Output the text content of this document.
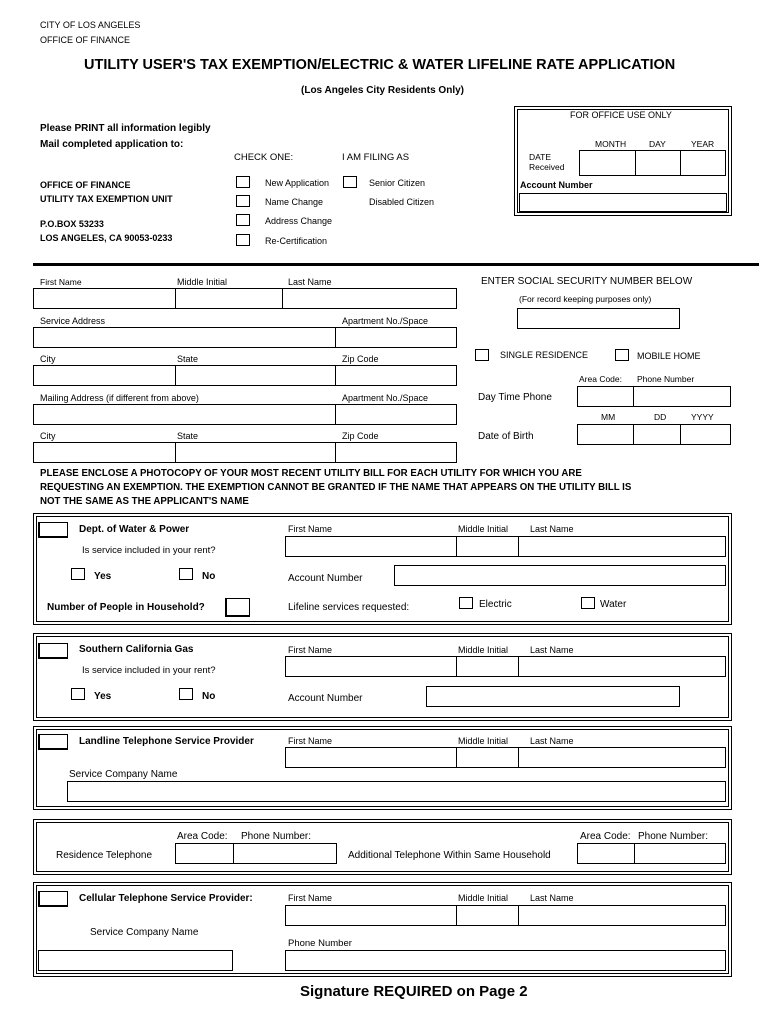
CITY OF LOS ANGELES
OFFICE OF FINANCE
UTILITY USER'S TAX EXEMPTION/ELECTRIC & WATER LIFELINE RATE APPLICATION
(Los Angeles City Residents Only)
Please PRINT all information legibly
Mail completed application to:
OFFICE OF FINANCE
UTILITY TAX EXEMPTION UNIT
P.O.BOX 53233
LOS ANGELES, CA 90053-0233
CHECK ONE:
New Application
Name Change
Address Change
Re-Certification
I AM FILING AS
Senior Citizen
Disabled Citizen
FOR OFFICE USE ONLY
MONTH	DAY	YEAR
DATE
Received
Account Number
First Name	Middle Initial	Last Name
Service Address	Apartment No./Space
City	State	Zip Code
Mailing Address (if different from above)	Apartment No./Space
City	State	Zip Code
ENTER SOCIAL SECURITY NUMBER BELOW
(For record keeping purposes only)
SINGLE RESIDENCE	MOBILE HOME
Area Code: Phone Number
Day Time Phone
MM	DD	YYYY
Date of Birth
PLEASE ENCLOSE A PHOTOCOPY OF YOUR MOST RECENT UTILITY BILL FOR EACH UTILITY FOR WHICH YOU ARE
REQUESTING AN EXEMPTION. THE EXEMPTION CANNOT BE GRANTED IF THE NAME THAT APPEARS ON THE UTILITY BILL IS
NOT THE SAME AS THE APPLICANT'S NAME
Dept. of Water & Power
Is service included in your rent?
Yes	No
Number of People in Household?
First Name	Middle Initial Last Name
Account Number
Lifeline services requested:	Electric	Water
Southern California Gas
Is service included in your rent?
Yes	No
First Name	Middle Initial Last Name
Account Number
Landline Telephone Service Provider	First Name	Middle Initial Last Name
Service Company Name
Area Code: Phone Number:
Residence Telephone	Additional Telephone Within Same Household
Area Code: Phone Number:
Cellular Telephone Service Provider:	First Name	Middle Initial Last Name
Service Company Name
Phone Number
Signature REQUIRED on Page 2
